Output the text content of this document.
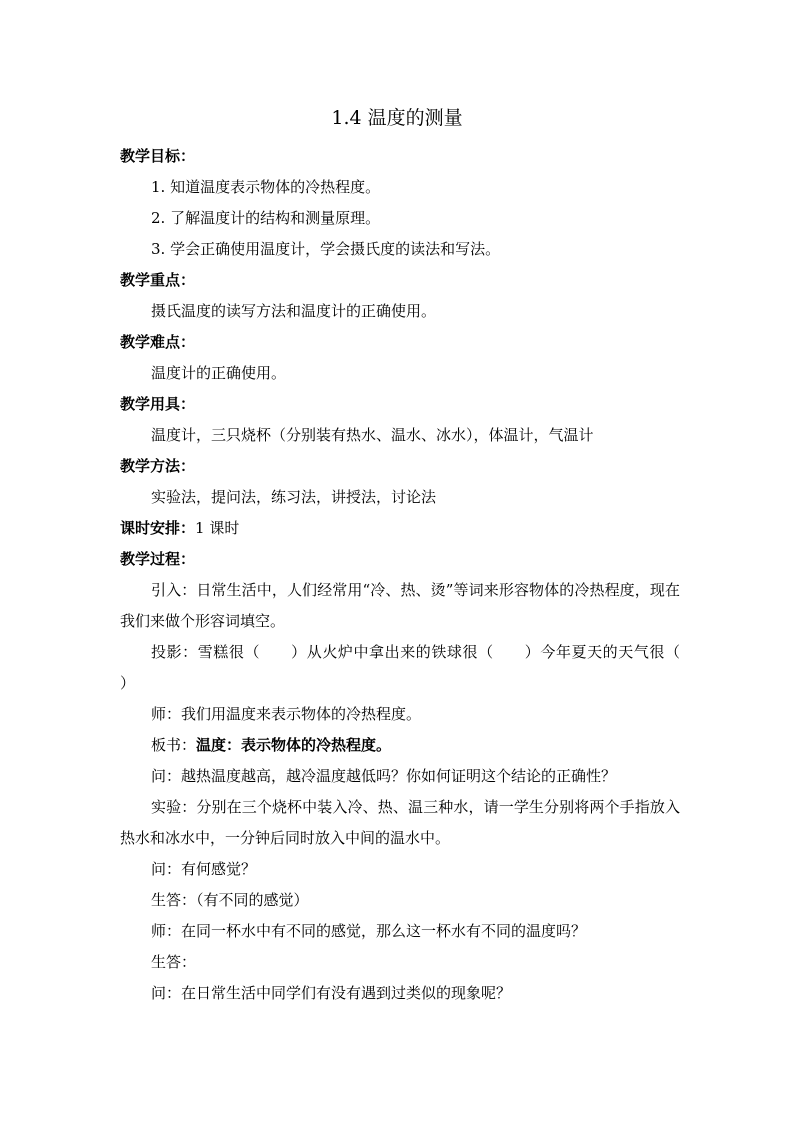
1.4 温度的测量
教学目标：
1. 知道温度表示物体的冷热程度。
2. 了解温度计的结构和测量原理。
3. 学会正确使用温度计，学会摄氏度的读法和写法。
教学重点：
摄氏温度的读写方法和温度计的正确使用。
教学难点：
温度计的正确使用。
教学用具：
温度计，三只烧杯（分别装有热水、温水、冰水），体温计，气温计
教学方法：
实验法，提问法，练习法，讲授法，讨论法
课时安排：1 课时
教学过程：
引入：日常生活中，人们经常用“冷、热、烫”等词来形容物体的冷热程度，现在我们来做个形容词填空。
投影：雪糕很（　　）从火炉中拿出来的铁球很（　　）今年夏天的天气很（　　）
师：我们用温度来表示物体的冷热程度。
板书：温度：表示物体的冷热程度。
问：越热温度越高，越冷温度越低吗？你如何证明这个结论的正确性？
实验：分别在三个烧杯中装入冷、热、温三种水，请一学生分别将两个手指放入热水和冰水中，一分钟后同时放入中间的温水中。
问：有何感觉？
生答：（有不同的感觉）
师：在同一杯水中有不同的感觉，那么这一杯水有不同的温度吗？
生答：
问：在日常生活中同学们有没有遇到过类似的现象呢？
